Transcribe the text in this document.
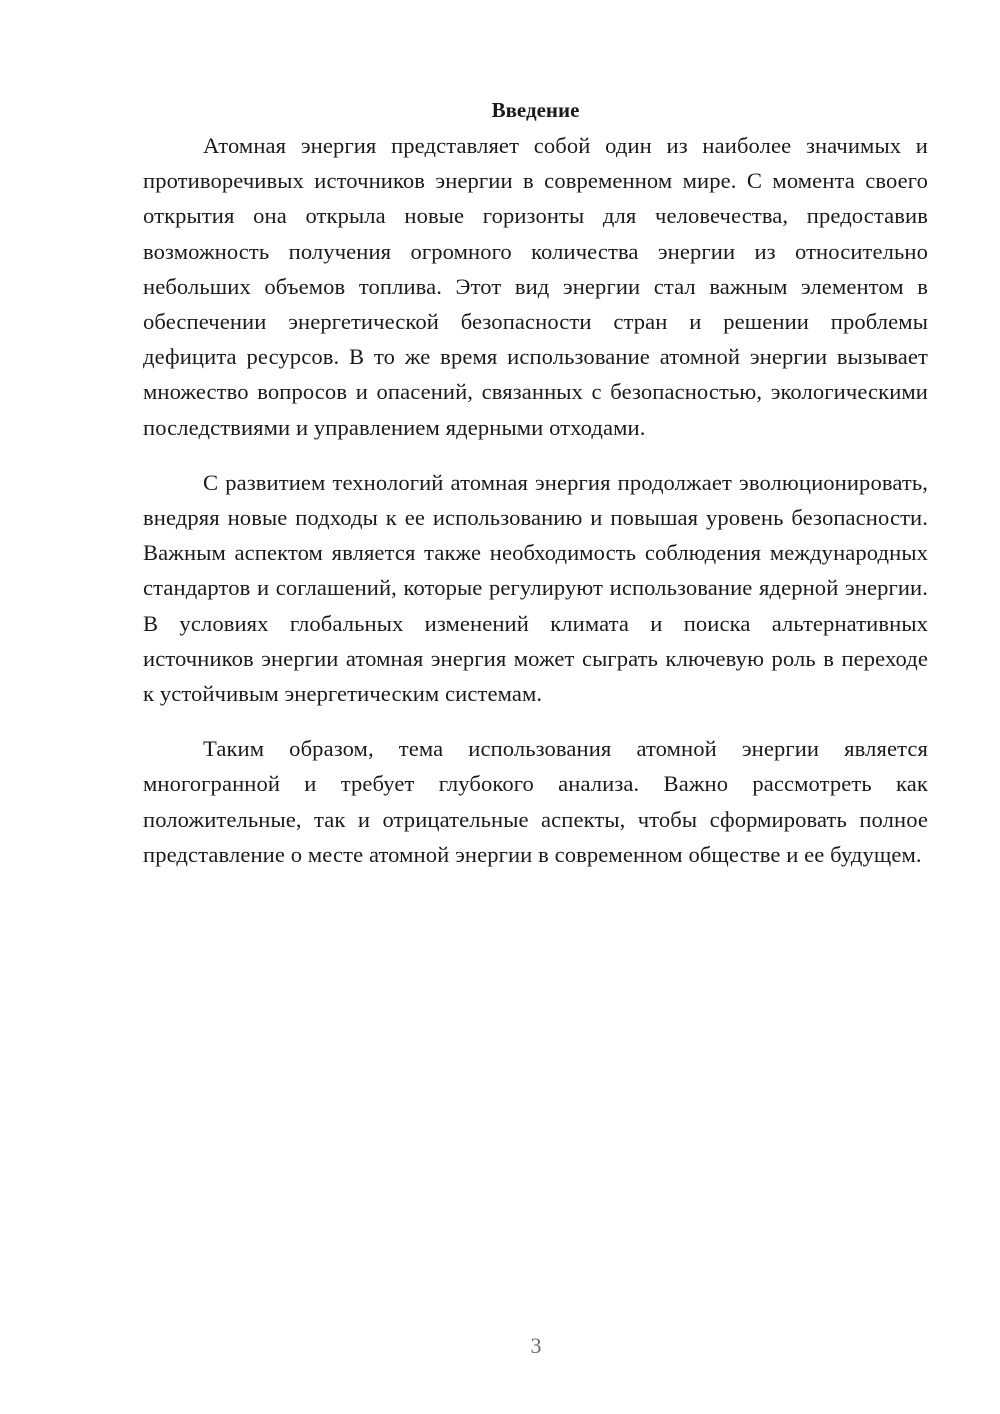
Введение

Атомная энергия представляет собой один из наиболее значимых и противоречивых источников энергии в современном мире. С момента своего открытия она открыла новые горизонты для человечества, предоставив возможность получения огромного количества энергии из относительно небольших объемов топлива. Этот вид энергии стал важным элементом в обеспечении энергетической безопасности стран и решении проблемы дефицита ресурсов. В то же время использование атомной энергии вызывает множество вопросов и опасений, связанных с безопасностью, экологическими последствиями и управлением ядерными отходами.

С развитием технологий атомная энергия продолжает эволюционировать, внедряя новые подходы к ее использованию и повышая уровень безопасности. Важным аспектом является также необходимость соблюдения международных стандартов и соглашений, которые регулируют использование ядерной энергии. В условиях глобальных изменений климата и поиска альтернативных источников энергии атомная энергия может сыграть ключевую роль в переходе к устойчивым энергетическим системам.

Таким образом, тема использования атомной энергии является многогранной и требует глубокого анализа. Важно рассмотреть как положительные, так и отрицательные аспекты, чтобы сформировать полное представление о месте атомной энергии в современном обществе и ее будущем.

3
